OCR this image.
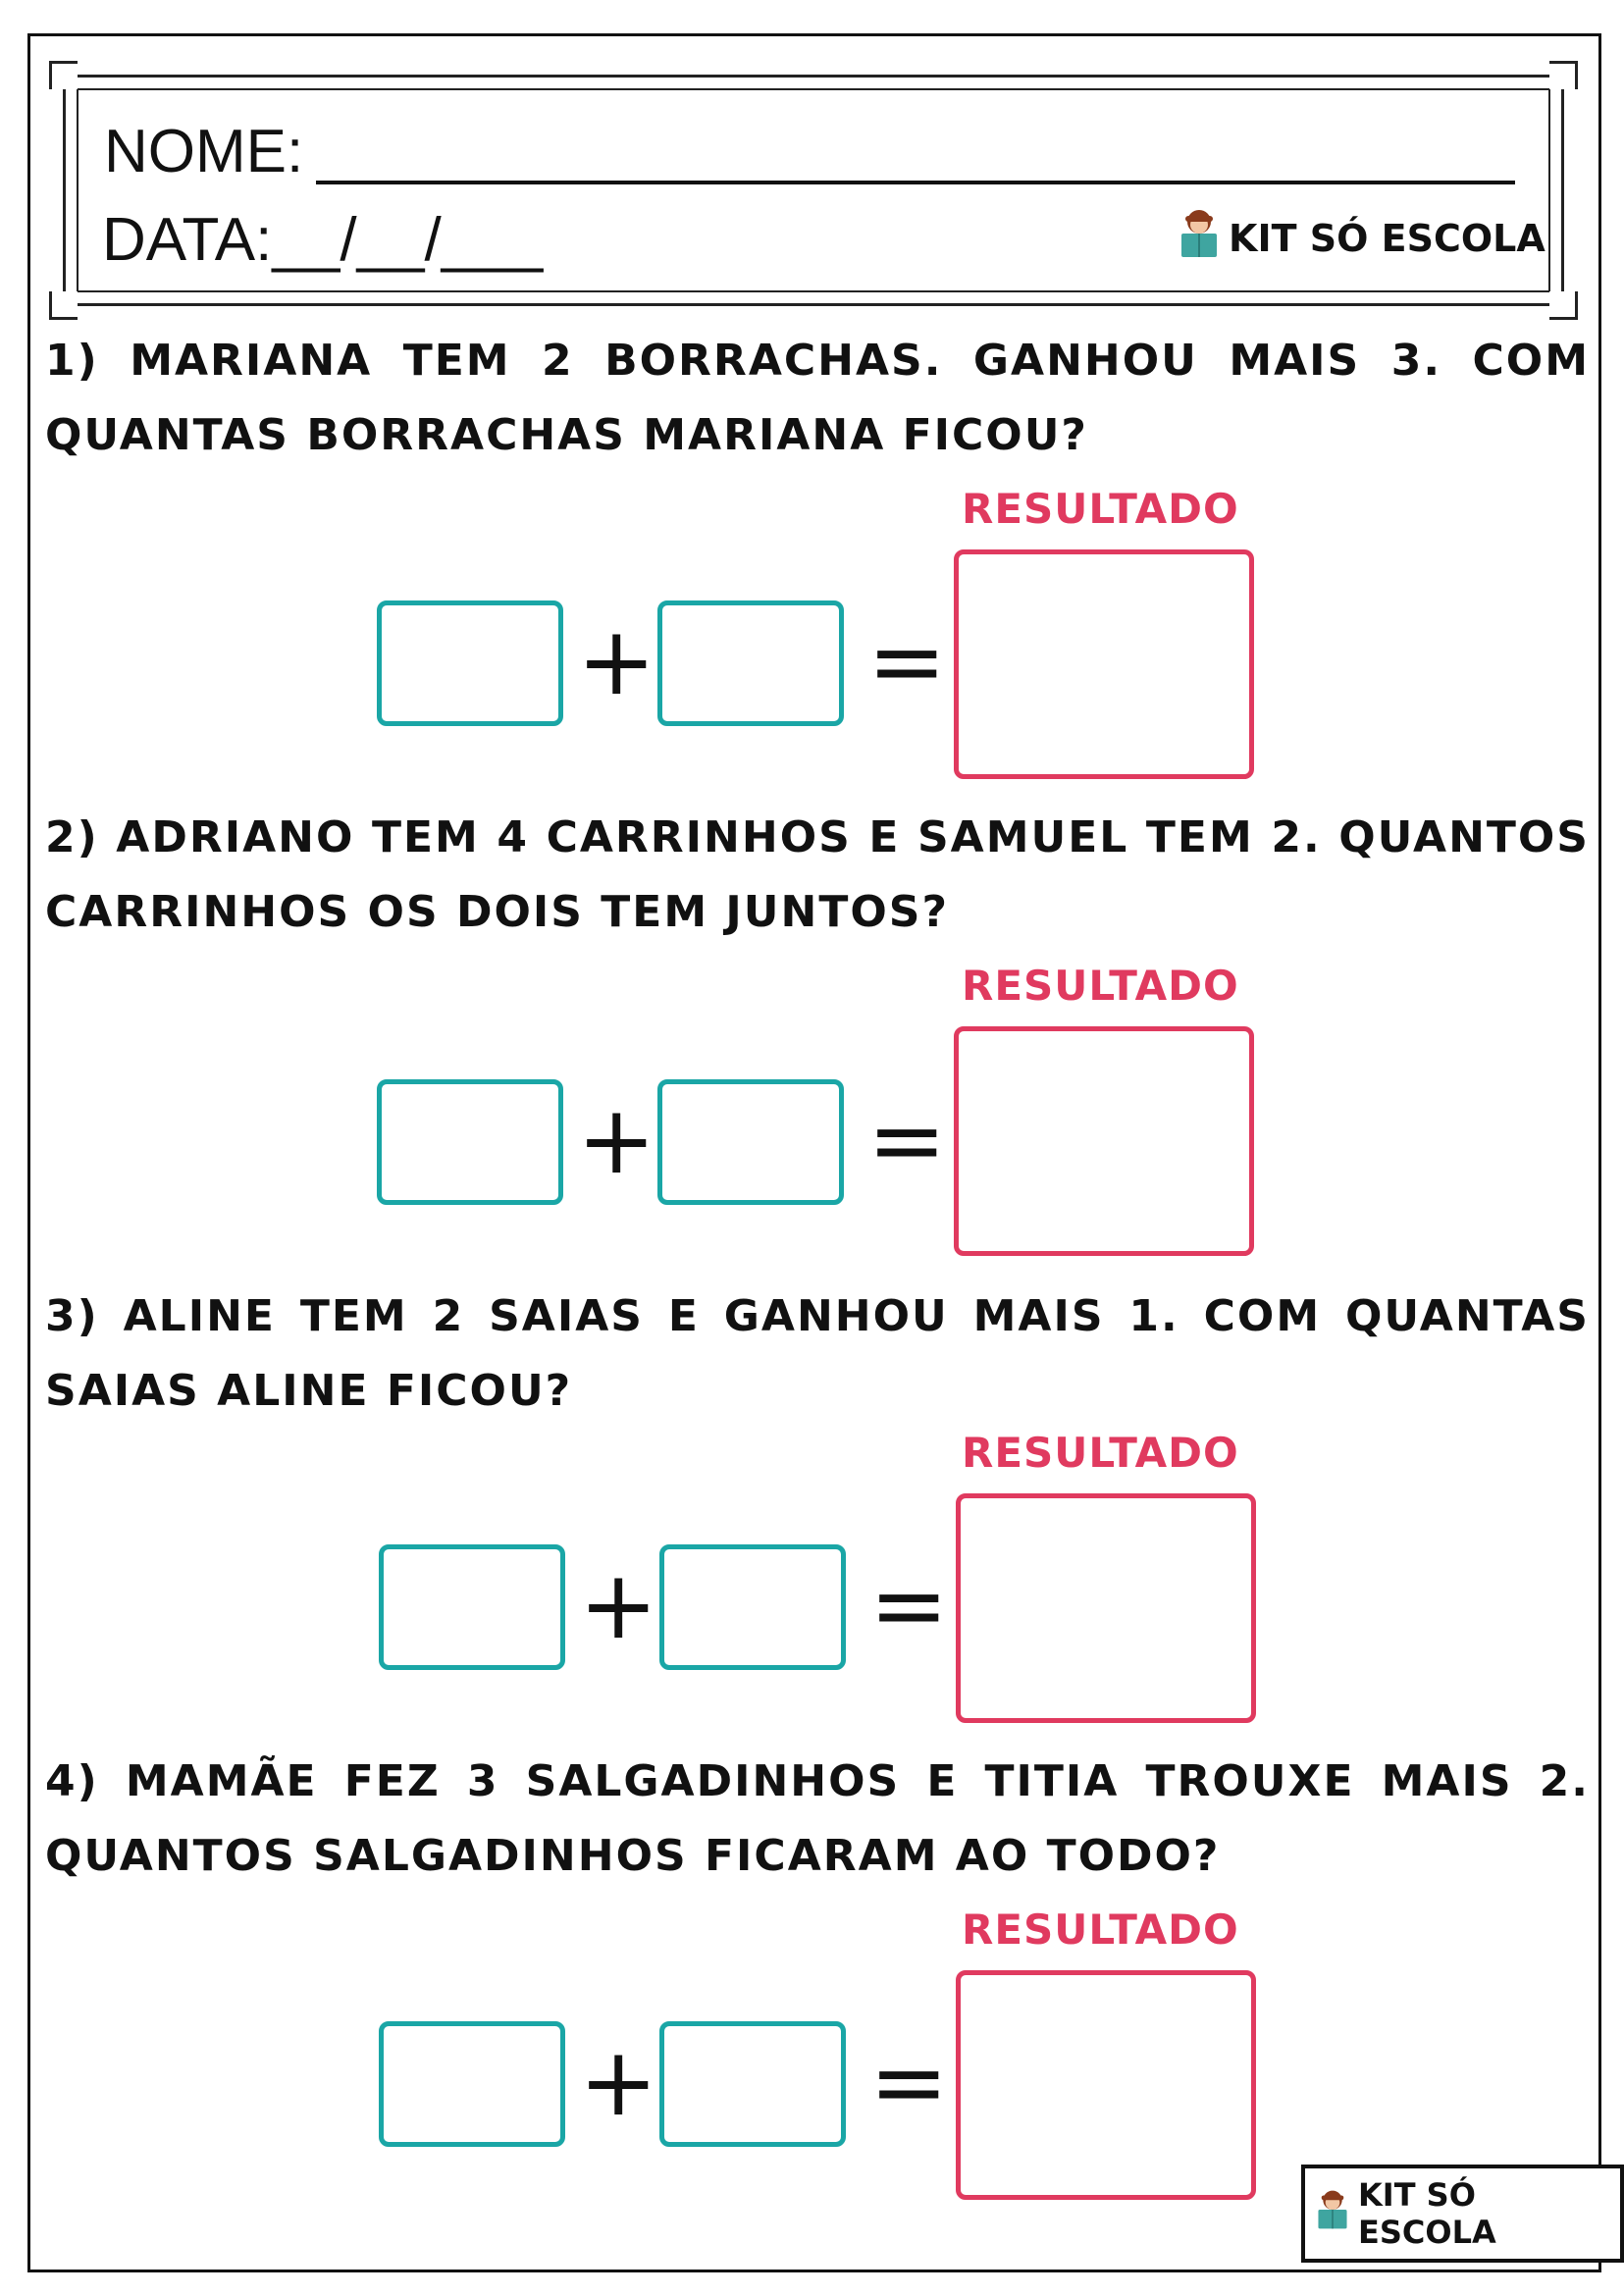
NOME:
DATA:__/__/___	KIT SÓ ESCOLA
1) MARIANA TEM 2 BORRACHAS. GANHOU MAIS 3. COM QUANTAS BORRACHAS MARIANA FICOU?
RESULTADO
+ =
2) ADRIANO TEM 4 CARRINHOS E SAMUEL TEM 2. QUANTOS CARRINHOS OS DOIS TEM JUNTOS?
RESULTADO
+ =
3) ALINE TEM 2 SAIAS E GANHOU MAIS 1. COM QUANTAS SAIAS ALINE FICOU?
RESULTADO
+ =
4) MAMÃE FEZ 3 SALGADINHOS E TITIA TROUXE MAIS 2. QUANTOS SALGADINHOS FICARAM AO TODO?
RESULTADO
+ =
KIT SÓ ESCOLA
